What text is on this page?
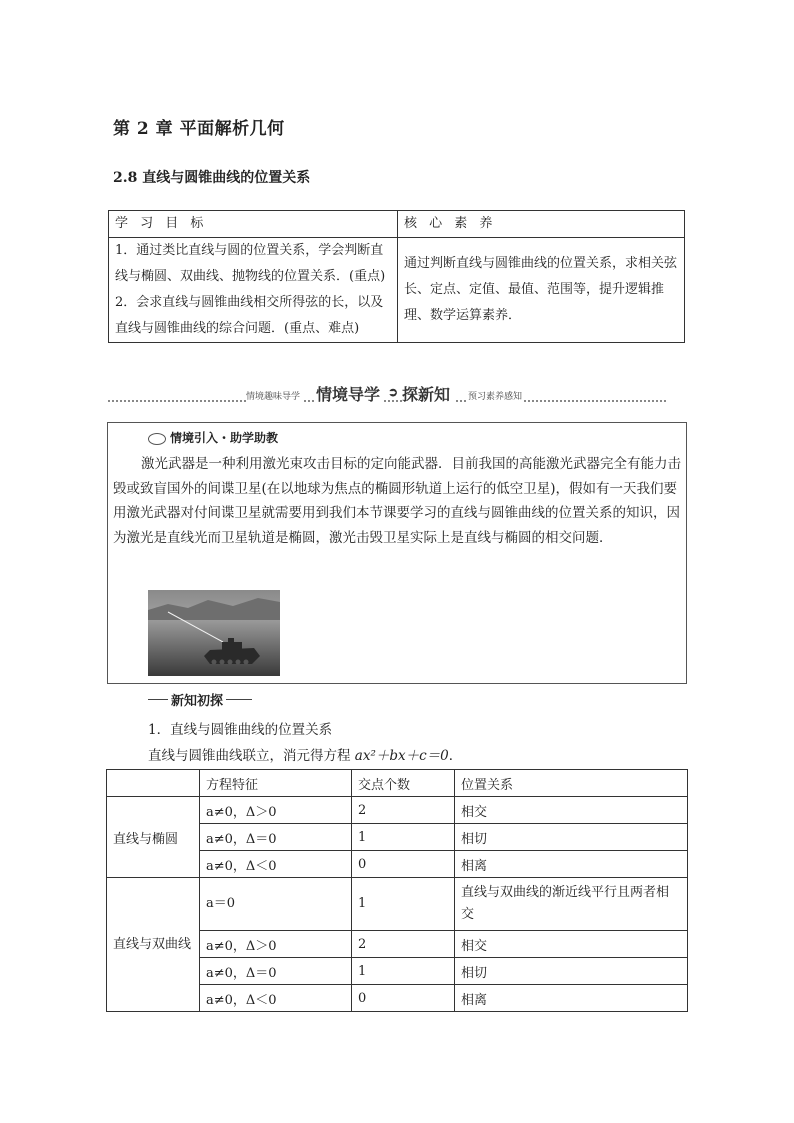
第 2 章 平面解析几何
2.8 直线与圆锥曲线的位置关系
学 习 目 标	核 心 素 养
1．通过类比直线与圆的位置关系，学会判断直线与椭圆、双曲线、抛物线的位置关系．(重点)
2．会求直线与圆锥曲线相交所得弦的长，以及直线与圆锥曲线的综合问题．(重点、难点)	通过判断直线与圆锥曲线的位置关系，求相关弦长、定点、定值、最值、范围等，提升逻辑推理、数学运算素养．
情境趣味导学 情境导学 ➲ 探新知	预习素养感知
情境引入・助学助教
激光武器是一种利用激光束攻击目标的定向能武器．目前我国的高能激光武器完全有能力击毁或致盲国外的间谍卫星(在以地球为焦点的椭圆形轨道上运行的低空卫星)，假如有一天我们要用激光武器对付间谍卫星就需要用到我们本节课要学习的直线与圆锥曲线的位置关系的知识，因为激光是直线光而卫星轨道是椭圆，激光击毁卫星实际上是直线与椭圆的相交问题．
新知初探
1．直线与圆锥曲线的位置关系
直线与圆锥曲线联立，消元得方程 ax²＋bx＋c＝0．
	方程特征	交点个数	位置关系
直线与椭圆	a≠0，Δ＞0	2	相交
	a≠0，Δ＝0	1	相切
	a≠0，Δ＜0	0	相离
直线与双曲线	a＝0	1	直线与双曲线的渐近线平行且两者相交
	a≠0，Δ＞0	2	相交
	a≠0，Δ＝0	1	相切
	a≠0，Δ＜0	0	相离
